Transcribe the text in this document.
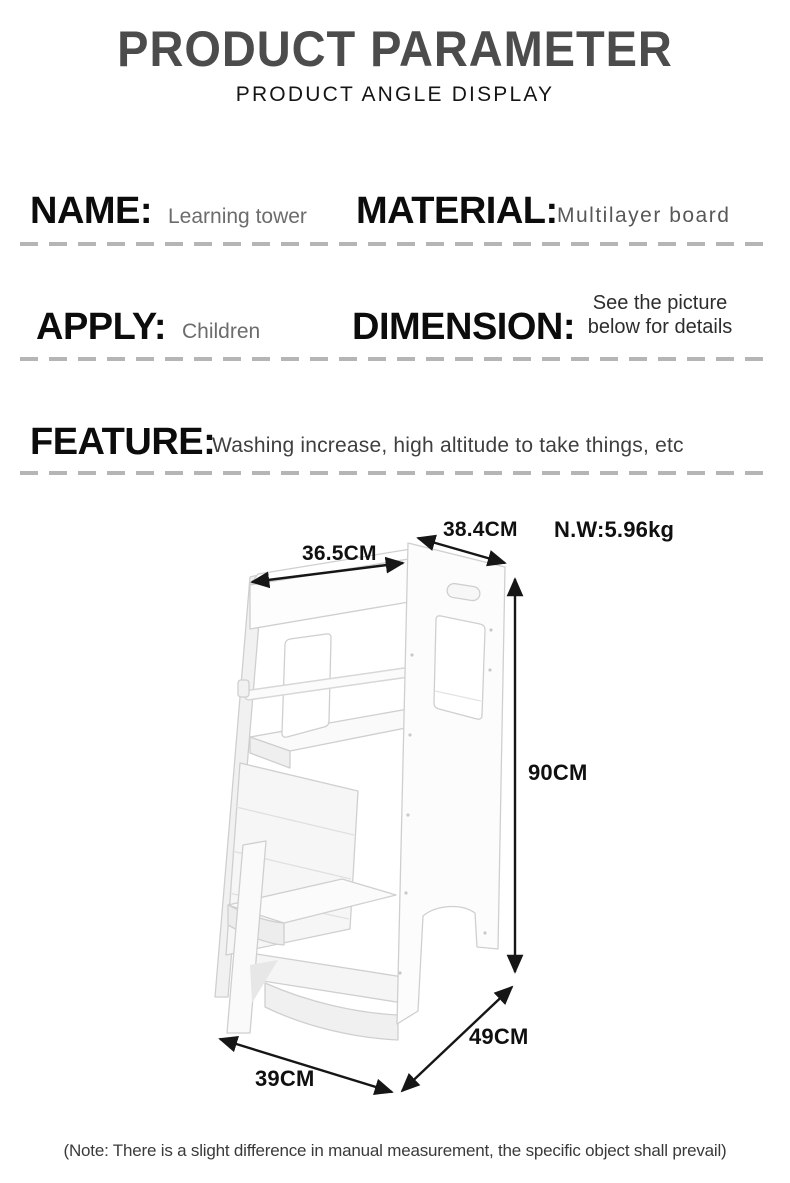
PRODUCT PARAMETER
PRODUCT ANGLE DISPLAY
NAME: Learning tower MATERIAL: Multilayer board
APPLY: Children DIMENSION:
See the picture
below for details
FEATURE:
Washing increase, high altitude to take things, etc
36.5CM
38.4CM N.W:5.96kg
90CM
49CM
39CM
(Note: There is a slight difference in manual measurement, the specific object shall prevail)
